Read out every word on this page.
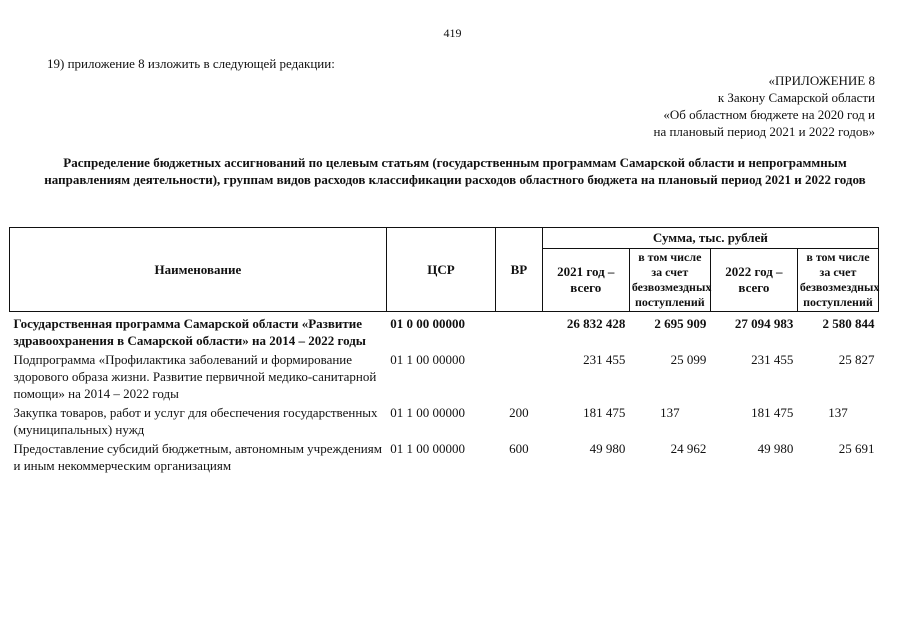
419
19) приложение 8 изложить в следующей редакции:
«ПРИЛОЖЕНИЕ 8
к Закону Самарской области
«Об областном бюджете на 2020 год и
на плановый период 2021 и 2022 годов»
Распределение бюджетных ассигнований по целевым статьям (государственным программам Самарской области и непрограммным направлениям деятельности), группам видов расходов классификации расходов областного бюджета на плановый период 2021 и 2022 годов
Наименование	ЦСР	ВР	Сумма, тыс. рублей			
			2021 год – всего	в том числе за счет безвозмездных поступлений	2022 год – всего	в том числе за счет безвозмездных поступлений
Государственная программа Самарской области «Развитие здравоохранения в Самарской области» на 2014 – 2022 годы	01 0 00 00000		26 832 428	2 695 909	27 094 983	2 580 844
Подпрограмма «Профилактика заболеваний и формирование здорового образа жизни. Развитие первичной медико-санитарной помощи» на 2014 – 2022 годы	01 1 00 00000		231 455	25 099	231 455	25 827
Закупка товаров, работ и услуг для обеспечения государственных (муниципальных) нужд	01 1 00 00000	200	181 475	137	181 475	137
Предоставление субсидий бюджетным, автономным учреждениям и иным некоммерческим организациям	01 1 00 00000	600	49 980	24 962	49 980	25 691
